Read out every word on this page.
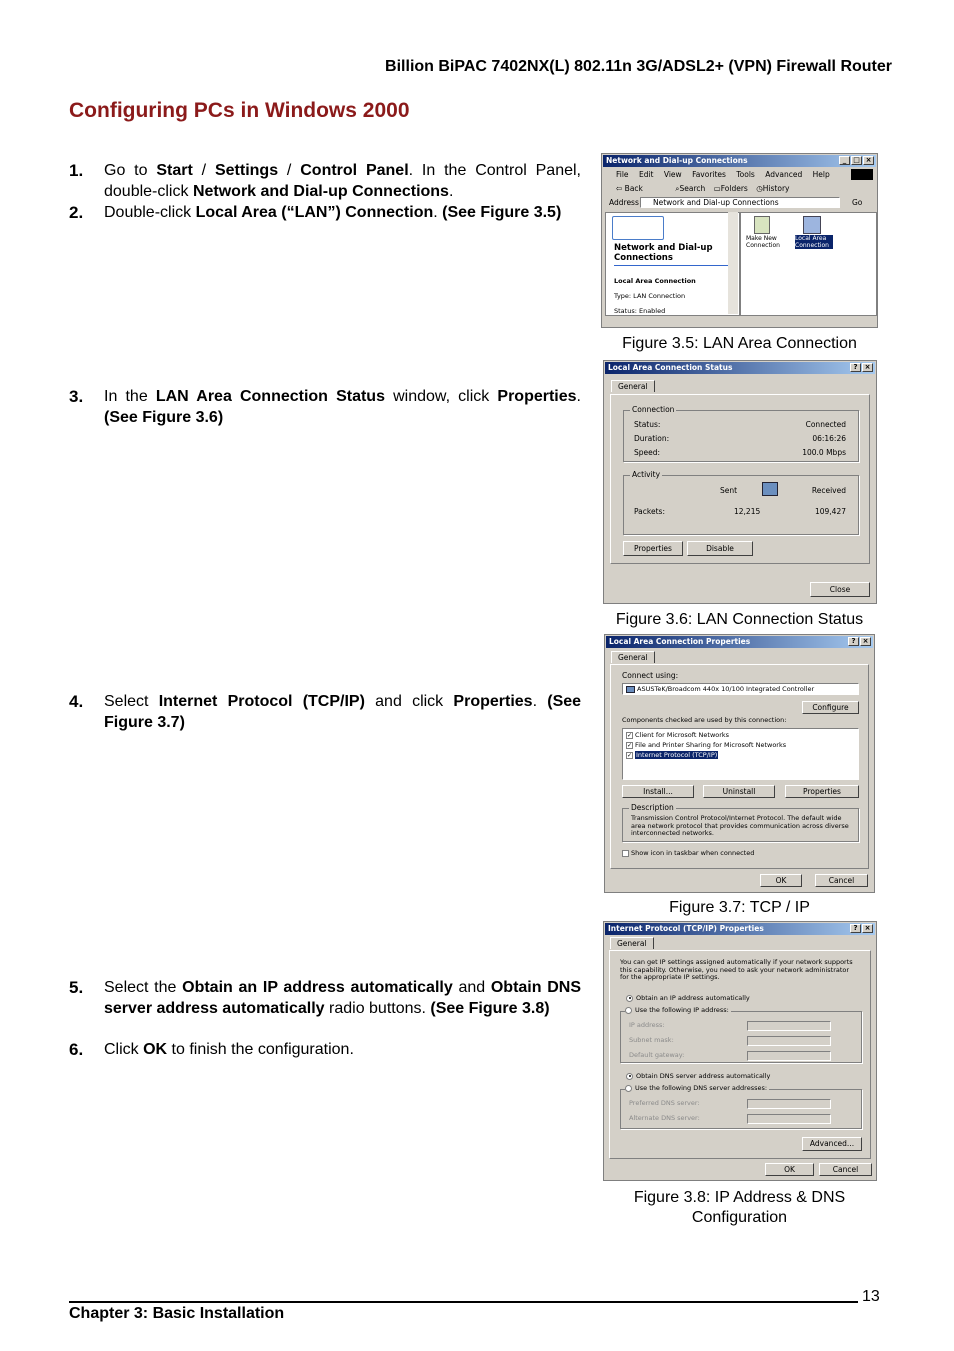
Billion BiPAC 7402NX(L) 802.11n 3G/ADSL2+ (VPN) Firewall Router
Configuring PCs in Windows 2000
1. Go to Start / Settings / Control Panel. In the Control Panel, double-click Network and Dial-up Connections.
2. Double-click Local Area (“LAN”) Connection. (See Figure 3.5)
3. In the LAN Area Connection Status window, click Properties. (See Figure 3.6)
4. Select Internet Protocol (TCP/IP) and click Properties. (See Figure 3.7)
5. Select the Obtain an IP address automatically and Obtain DNS server address automatically radio buttons. (See Figure 3.8)
6. Click OK to finish the configuration.
Network and Dial-up Connections	_ □ ×
File Edit View Favorites Tools Advanced Help
⇦ Back	⌕Search ▭Folders ◷History
Address Network and Dial-up Connections	Go
Network and Dial-up Connections
Local Area Connection
Type: LAN Connection
Status: Enabled
Make New Connection
Local Area Connection
Figure 3.5: LAN Area Connection
Local Area Connection Status	?	×
General
Connection
Status:	Connected
Duration:	06:16:26
Speed:	100.0 Mbps
Activity
Sent	Received
Packets:	12,215	109,427
Properties	Disable
Close
Figure 3.6: LAN Connection Status
Local Area Connection Properties	?	×
General
Connect using:
ASUSTeK/Broadcom 440x 10/100 Integrated Controller
Configure
Components checked are used by this connection:
✓ Client for Microsoft Networks
✓ File and Printer Sharing for Microsoft Networks
✓ Internet Protocol (TCP/IP)
Install...	Uninstall	Properties
Description
Transmission Control Protocol/Internet Protocol. The default wide area network protocol that provides communication across diverse interconnected networks.
Show icon in taskbar when connected
OK	Cancel
Figure 3.7: TCP / IP
Internet Protocol (TCP/IP) Properties	?	×
General
You can get IP settings assigned automatically if your network supports this capability. Otherwise, you need to ask your network administrator for the appropriate IP settings.
Obtain an IP address automatically
Use the following IP address:
IP address:
Subnet mask:
Default gateway:
Obtain DNS server address automatically
Use the following DNS server addresses:
Preferred DNS server:
Alternate DNS server:
Advanced...
OK	Cancel
Figure 3.8: IP Address & DNS
Configuration
13
Chapter 3: Basic Installation
